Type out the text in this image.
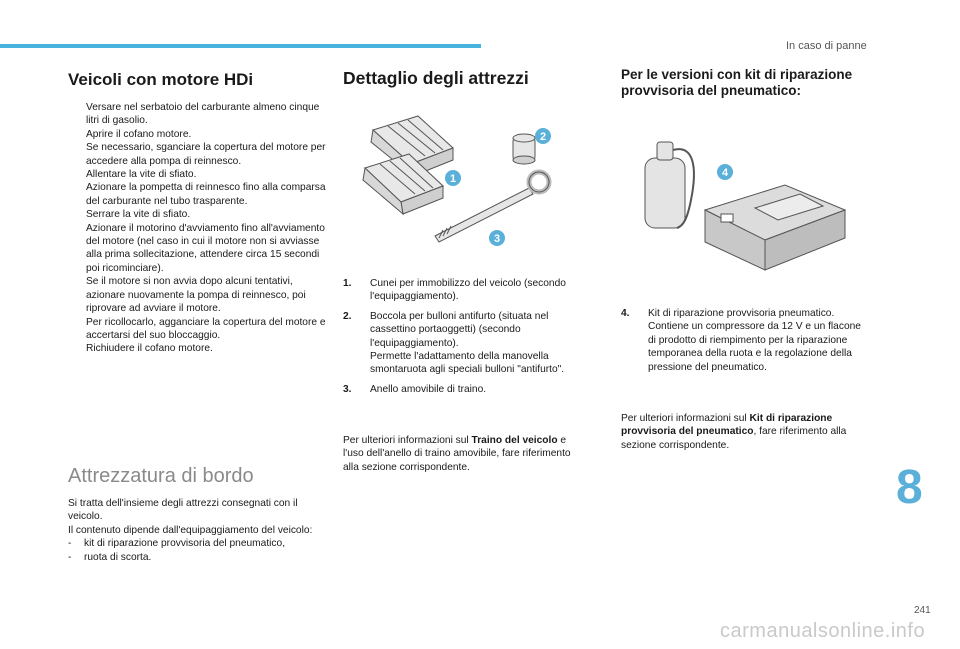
In caso di panne
Veicoli con motore HDi
Versare nel serbatoio del carburante almeno cinque litri di gasolio.
Aprire il cofano motore.
Se necessario, sganciare la copertura del motore per accedere alla pompa di reinnesco.
Allentare la vite di sfiato.
Azionare la pompetta di reinnesco fino alla comparsa del carburante nel tubo trasparente.
Serrare la vite di sfiato.
Azionare il motorino d'avviamento fino all'avviamento del motore (nel caso in cui il motore non si avviasse alla prima sollecitazione, attendere circa 15 secondi poi ricominciare).
Se il motore si non avvia dopo alcuni tentativi, azionare nuovamente la pompa di reinnesco, poi riprovare ad avviare il motore.
Per ricollocarlo, agganciare la copertura del motore e accertarsi del suo bloccaggio.
Richiudere il cofano motore.
Attrezzatura di bordo
Si tratta dell'insieme degli attrezzi consegnati con il veicolo.
Il contenuto dipende dall'equipaggiamento del veicolo:
- kit di riparazione provvisoria del pneumatico,
- ruota di scorta.
Dettaglio degli attrezzi
1
2
3
1. Cunei per immobilizzo del veicolo (secondo l'equipaggiamento).
2. Boccola per bulloni antifurto (situata nel cassettino portaoggetti) (secondo l'equipaggiamento).
Permette l'adattamento della manovella smontaruota agli speciali bulloni "antifurto".
3. Anello amovibile di traino.
Per ulteriori informazioni sul Traino del veicolo e l'uso dell'anello di traino amovibile, fare riferimento alla sezione corrispondente.
Per le versioni con kit di riparazione provvisoria del pneumatico:
4
4. Kit di riparazione provvisoria pneumatico. Contiene un compressore da 12 V e un flacone di prodotto di riempimento per la riparazione temporanea della ruota e la regolazione della pressione del pneumatico.
Per ulteriori informazioni sul Kit di riparazione provvisoria del pneumatico, fare riferimento alla sezione corrispondente.
8
241
carmanualsonline.info
